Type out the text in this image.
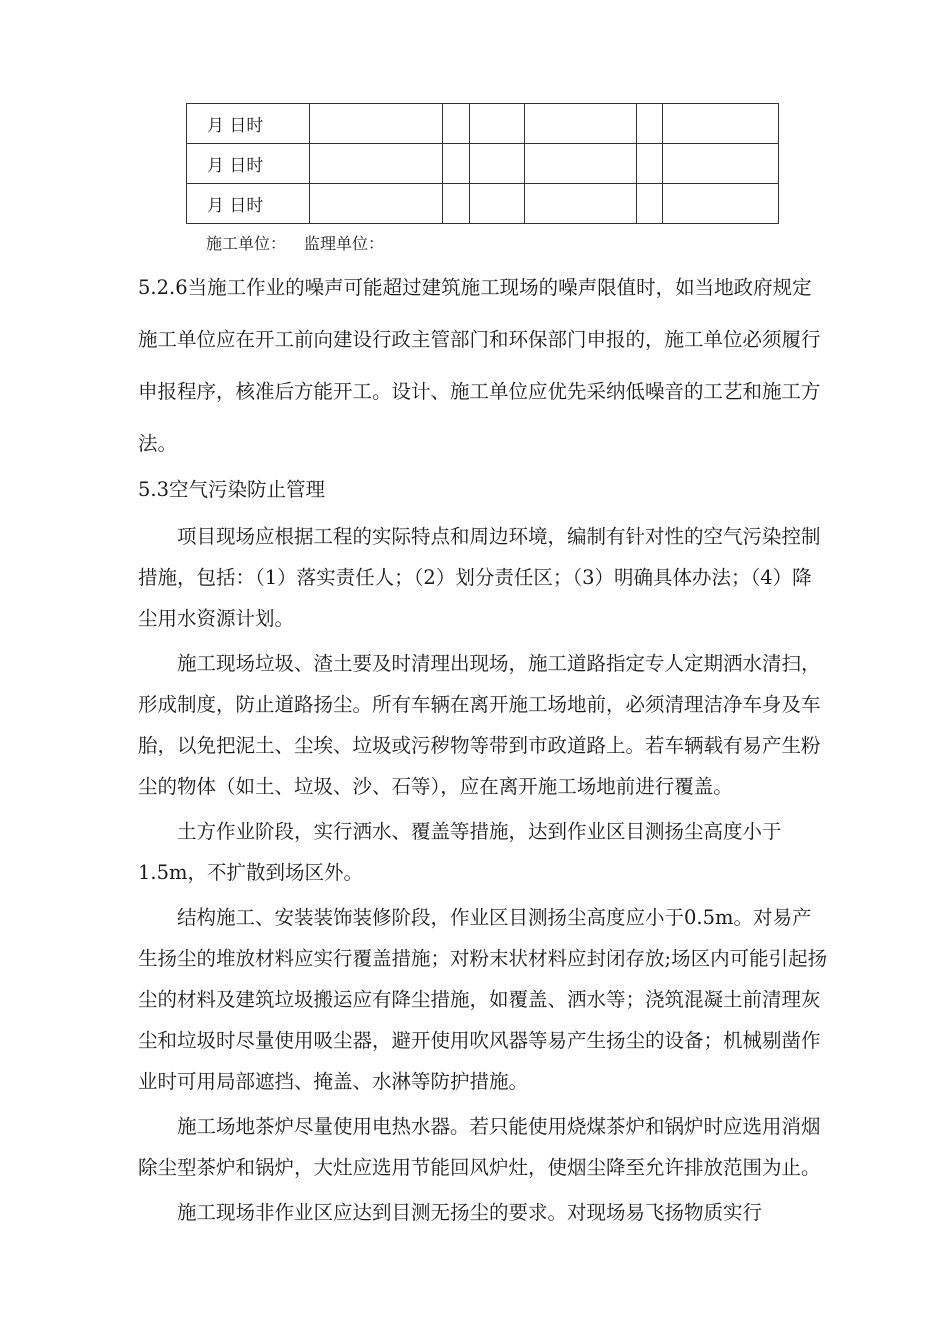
月 日时						
月 日时						
月 日时						
施工单位： 监理单位：

5.2.6当施工作业的噪声可能超过建筑施工现场的噪声限值时，如当地政府规定施工单位应在开工前向建设行政主管部门和环保部门申报的，施工单位必须履行申报程序，核准后方能开工。设计、施工单位应优先采纳低噪音的工艺和施工方法。

5.3空气污染防止管理

项目现场应根据工程的实际特点和周边环境，编制有针对性的空气污染控制措施，包括：（1）落实责任人；（2）划分责任区；（3）明确具体办法；（4）降尘用水资源计划。

施工现场垃圾、渣土要及时清理出现场，施工道路指定专人定期洒水清扫，形成制度，防止道路扬尘。所有车辆在离开施工场地前，必须清理洁净车身及车胎，以免把泥土、尘埃、垃圾或污秽物等带到市政道路上。若车辆载有易产生粉尘的物体（如土、垃圾、沙、石等），应在离开施工场地前进行覆盖。

土方作业阶段，实行洒水、覆盖等措施，达到作业区目测扬尘高度小于1.5m，不扩散到场区外。

结构施工、安装装饰装修阶段，作业区目测扬尘高度应小于0.5m。对易产生扬尘的堆放材料应实行覆盖措施；对粉末状材料应封闭存放;场区内可能引起扬尘的材料及建筑垃圾搬运应有降尘措施，如覆盖、洒水等；浇筑混凝土前清理灰尘和垃圾时尽量使用吸尘器，避开使用吹风器等易产生扬尘的设备；机械剔凿作业时可用局部遮挡、掩盖、水淋等防护措施。

施工场地茶炉尽量使用电热水器。若只能使用烧煤茶炉和锅炉时应选用消烟除尘型茶炉和锅炉，大灶应选用节能回风炉灶，使烟尘降至允许排放范围为止。

施工现场非作业区应达到目测无扬尘的要求。对现场易飞扬物质实行
